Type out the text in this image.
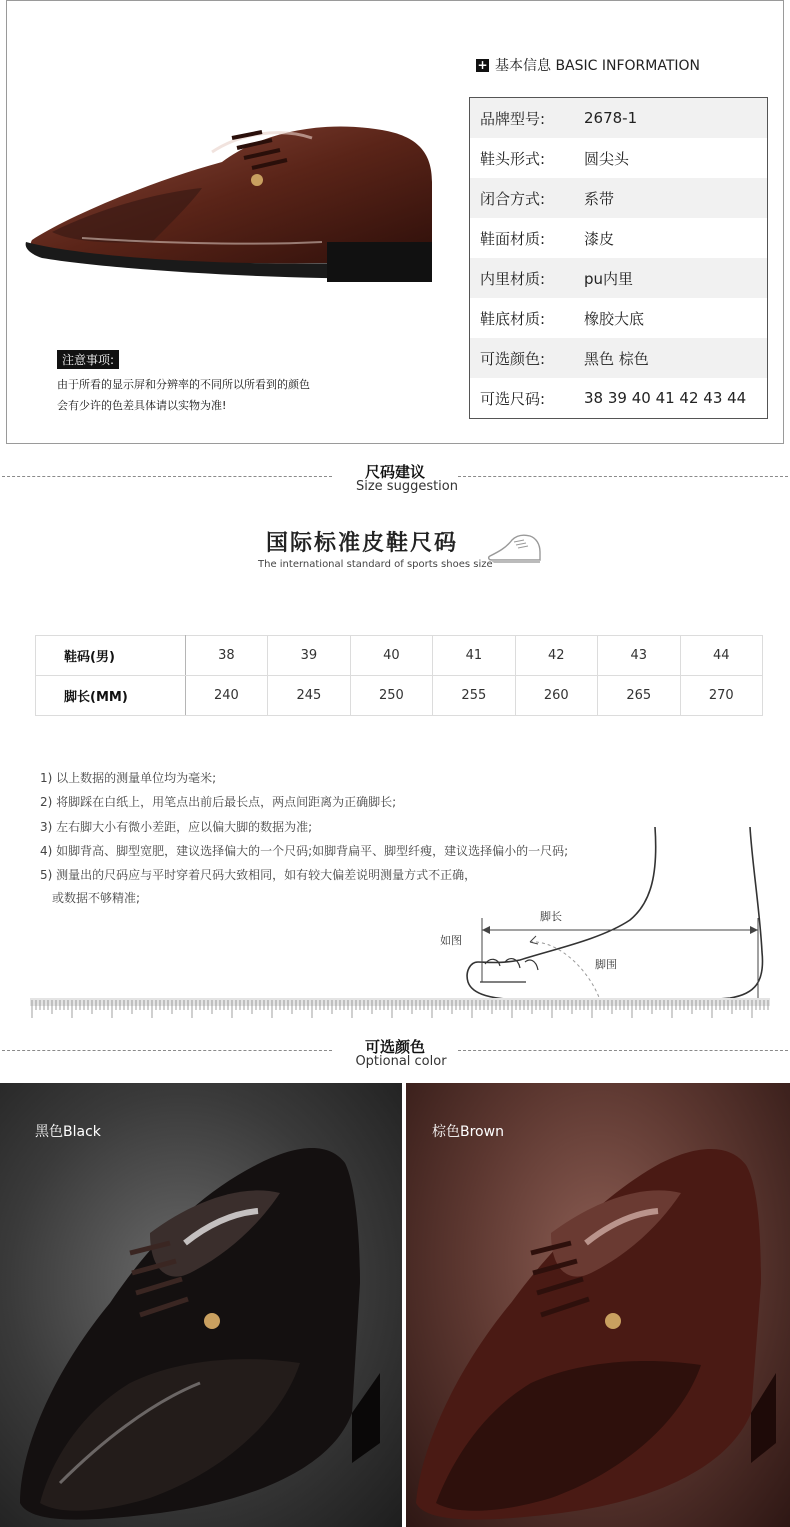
+ 基本信息 BASIC INFORMATION
品牌型号:	2678-1
鞋头形式:	圆尖头
闭合方式:	系带
鞋面材质:	漆皮
内里材质:	pu内里
鞋底材质:	橡胶大底
可选颜色:	黑色 棕色
可选尺码:	38 39 40 41 42 43 44
注意事项:
由于所看的显示屏和分辨率的不同所以所看到的颜色
会有少许的色差具体请以实物为准!
尺码建议
Size suggestion
国际标准皮鞋尺码
The international standard of sports shoes size
鞋码(男)	38	39	40	41	42	43	44
脚长(MM)	240	245	250	255	260	265	270
1) 以上数据的测量单位均为毫米;
2) 将脚踩在白纸上，用笔点出前后最长点，两点间距离为正确脚长;
3) 左右脚大小有微小差距，应以偏大脚的数据为准;
4) 如脚背高、脚型宽肥，建议选择偏大的一个尺码;如脚背扁平、脚型纤瘦，建议选择偏小的一尺码;
5) 测量出的尺码应与平时穿着尺码大致相同，如有较大偏差说明测量方式不正确，
或数据不够精准;
如图
脚长
脚围
可选颜色
Optional color
黑色Black	棕色Brown
